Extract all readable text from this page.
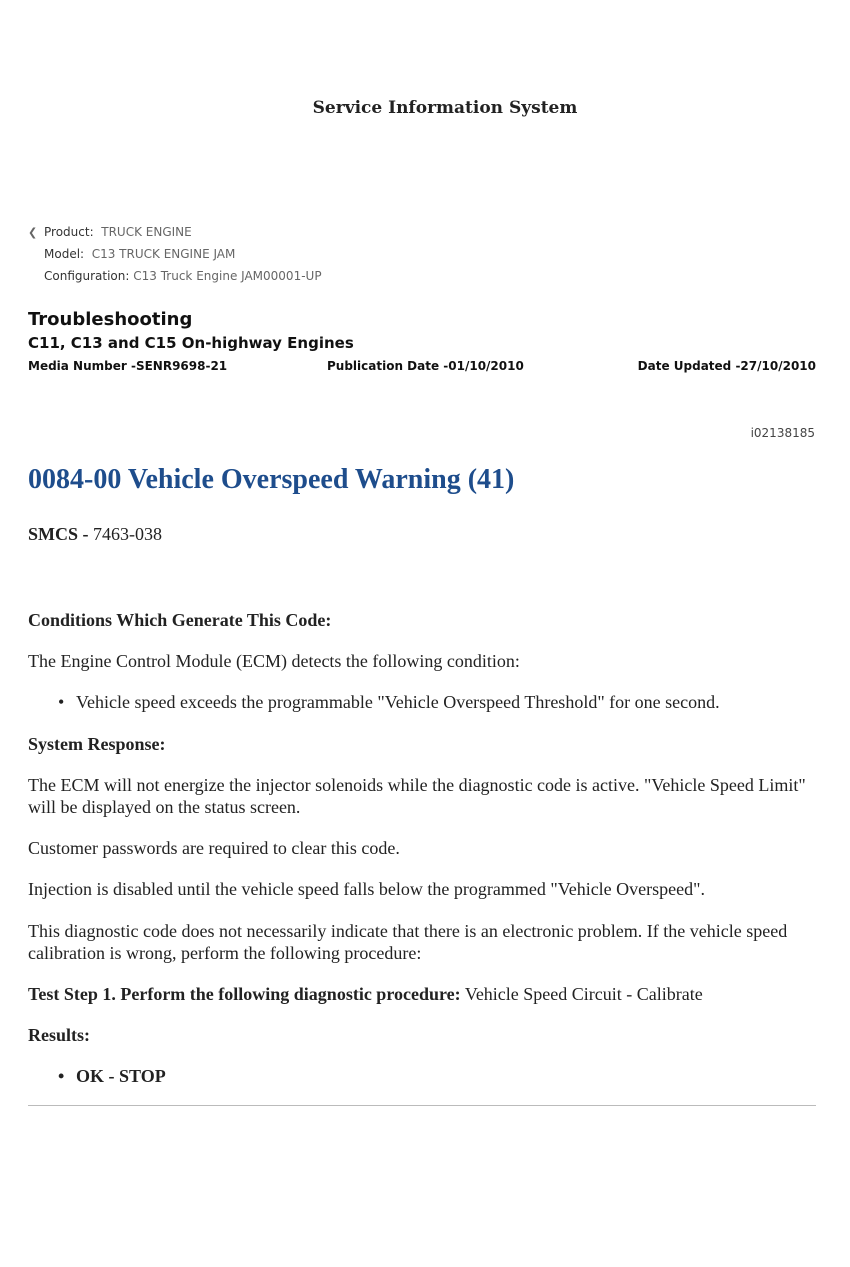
Service Information System
❮ Product: TRUCK ENGINE
Model: C13 TRUCK ENGINE JAM
Configuration: C13 Truck Engine JAM00001-UP
Troubleshooting
C11, C13 and C15 On-highway Engines
Media Number -SENR9698-21	Publication Date -01/10/2010	Date Updated -27/10/2010
i02138185
0084-00 Vehicle Overspeed Warning (41)
SMCS - 7463-038
Conditions Which Generate This Code:
The Engine Control Module (ECM) detects the following condition:
• Vehicle speed exceeds the programmable "Vehicle Overspeed Threshold" for one second.
System Response:
The ECM will not energize the injector solenoids while the diagnostic code is active. "Vehicle Speed Limit" will be displayed on the status screen.
Customer passwords are required to clear this code.
Injection is disabled until the vehicle speed falls below the programmed "Vehicle Overspeed".
This diagnostic code does not necessarily indicate that there is an electronic problem. If the vehicle speed calibration is wrong, perform the following procedure:
Test Step 1. Perform the following diagnostic procedure: Vehicle Speed Circuit - Calibrate
Results:
• OK - STOP
